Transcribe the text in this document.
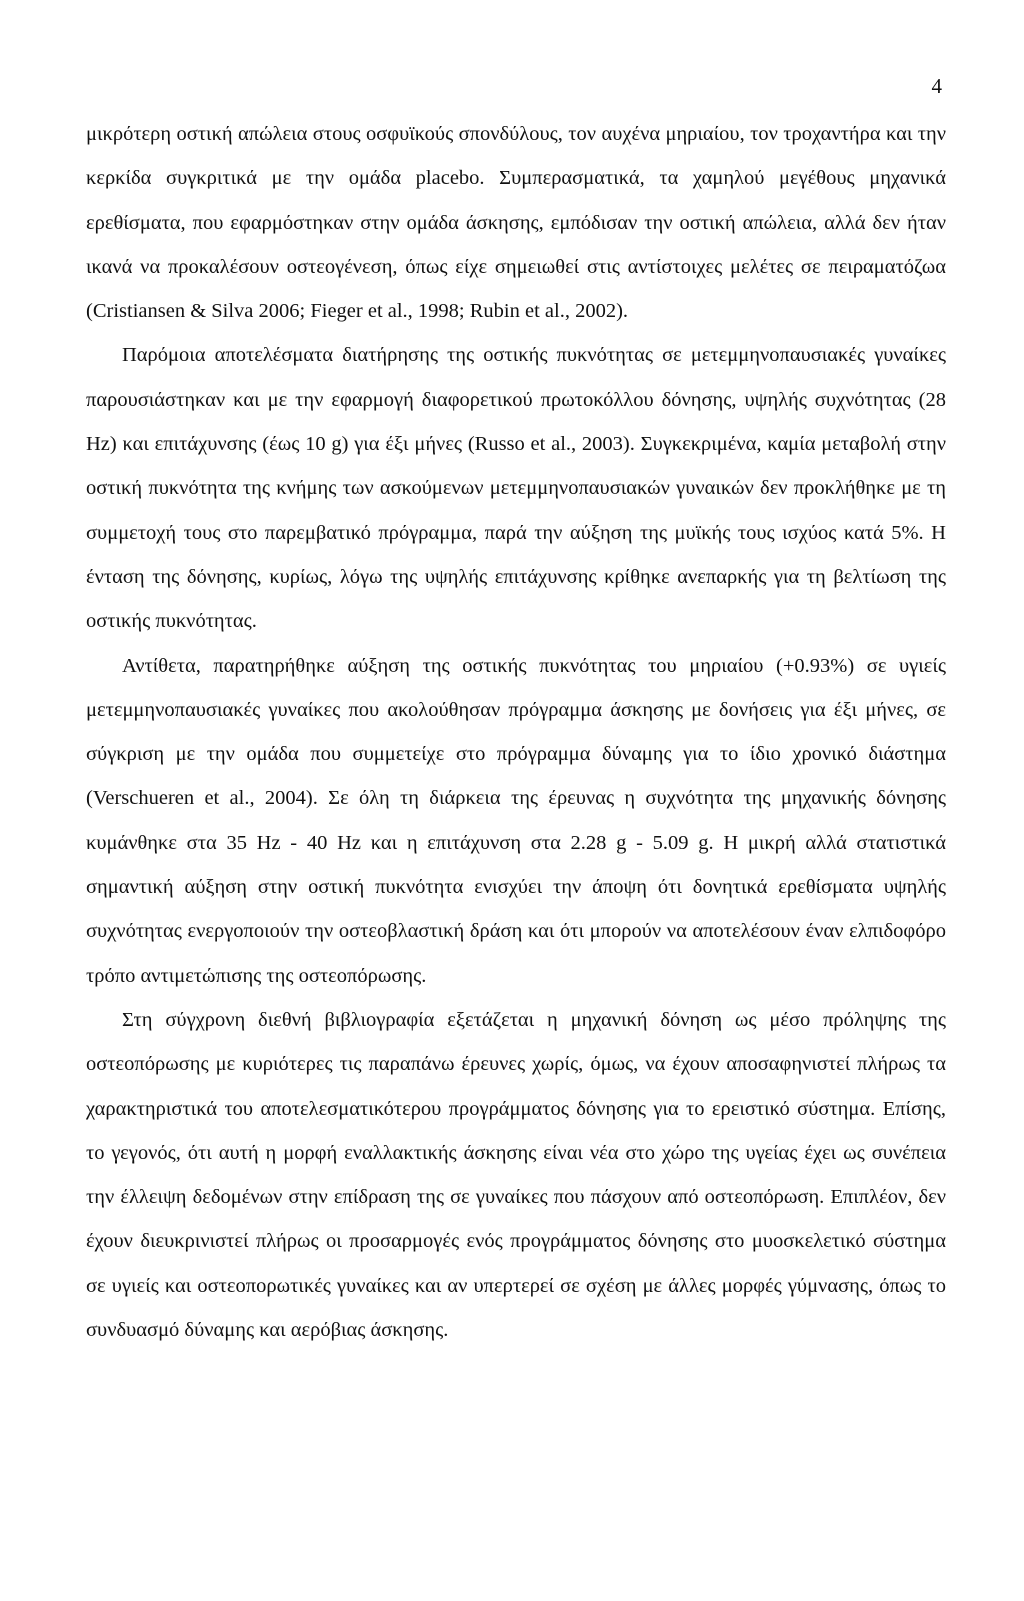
4

μικρότερη οστική απώλεια στους οσφυϊκούς σπονδύλους, τον αυχένα μηριαίου, τον τροχαντήρα και την κερκίδα συγκριτικά με την ομάδα placebo. Συμπερασματικά, τα χαμηλού μεγέθους μηχανικά ερεθίσματα, που εφαρμόστηκαν στην ομάδα άσκησης, εμπόδισαν την οστική απώλεια, αλλά δεν ήταν ικανά να προκαλέσουν οστεογένεση, όπως είχε σημειωθεί στις αντίστοιχες μελέτες σε πειραματόζωα (Cristiansen & Silva 2006; Fieger et al., 1998; Rubin et al., 2002).

Παρόμοια αποτελέσματα διατήρησης της οστικής πυκνότητας σε μετεμμηνοπαυσιακές γυναίκες παρουσιάστηκαν και με την εφαρμογή διαφορετικού πρωτοκόλλου δόνησης, υψηλής συχνότητας (28 Hz) και επιτάχυνσης (έως 10 g) για έξι μήνες (Russo et al., 2003). Συγκεκριμένα, καμία μεταβολή στην οστική πυκνότητα της κνήμης των ασκούμενων μετεμμηνοπαυσιακών γυναικών δεν προκλήθηκε με τη συμμετοχή τους στο παρεμβατικό πρόγραμμα, παρά την αύξηση της μυϊκής τους ισχύος κατά 5%. Η ένταση της δόνησης, κυρίως, λόγω της υψηλής επιτάχυνσης κρίθηκε ανεπαρκής για τη βελτίωση της οστικής πυκνότητας.

Αντίθετα, παρατηρήθηκε αύξηση της οστικής πυκνότητας του μηριαίου (+0.93%) σε υγιείς μετεμμηνοπαυσιακές γυναίκες που ακολούθησαν πρόγραμμα άσκησης με δονήσεις για έξι μήνες, σε σύγκριση με την ομάδα που συμμετείχε στο πρόγραμμα δύναμης για το ίδιο χρονικό διάστημα (Verschueren et al., 2004). Σε όλη τη διάρκεια της έρευνας η συχνότητα της μηχανικής δόνησης κυμάνθηκε στα 35 Hz - 40 Hz και η επιτάχυνση στα 2.28 g - 5.09 g. Η μικρή αλλά στατιστικά σημαντική αύξηση στην οστική πυκνότητα ενισχύει την άποψη ότι δονητικά ερεθίσματα υψηλής συχνότητας ενεργοποιούν την οστεοβλαστική δράση και ότι μπορούν να αποτελέσουν έναν ελπιδοφόρο τρόπο αντιμετώπισης της οστεοπόρωσης.

Στη σύγχρονη διεθνή βιβλιογραφία εξετάζεται η μηχανική δόνηση ως μέσο πρόληψης της οστεοπόρωσης με κυριότερες τις παραπάνω έρευνες χωρίς, όμως, να έχουν αποσαφηνιστεί πλήρως τα χαρακτηριστικά του αποτελεσματικότερου προγράμματος δόνησης για το ερειστικό σύστημα. Επίσης, το γεγονός, ότι αυτή η μορφή εναλλακτικής άσκησης είναι νέα στο χώρο της υγείας έχει ως συνέπεια την έλλειψη δεδομένων στην επίδραση της σε γυναίκες που πάσχουν από οστεοπόρωση. Επιπλέον, δεν έχουν διευκρινιστεί πλήρως οι προσαρμογές ενός προγράμματος δόνησης στο μυοσκελετικό σύστημα σε υγιείς και οστεοπορωτικές γυναίκες και αν υπερτερεί σε σχέση με άλλες μορφές γύμνασης, όπως το συνδυασμό δύναμης και αερόβιας άσκησης.
